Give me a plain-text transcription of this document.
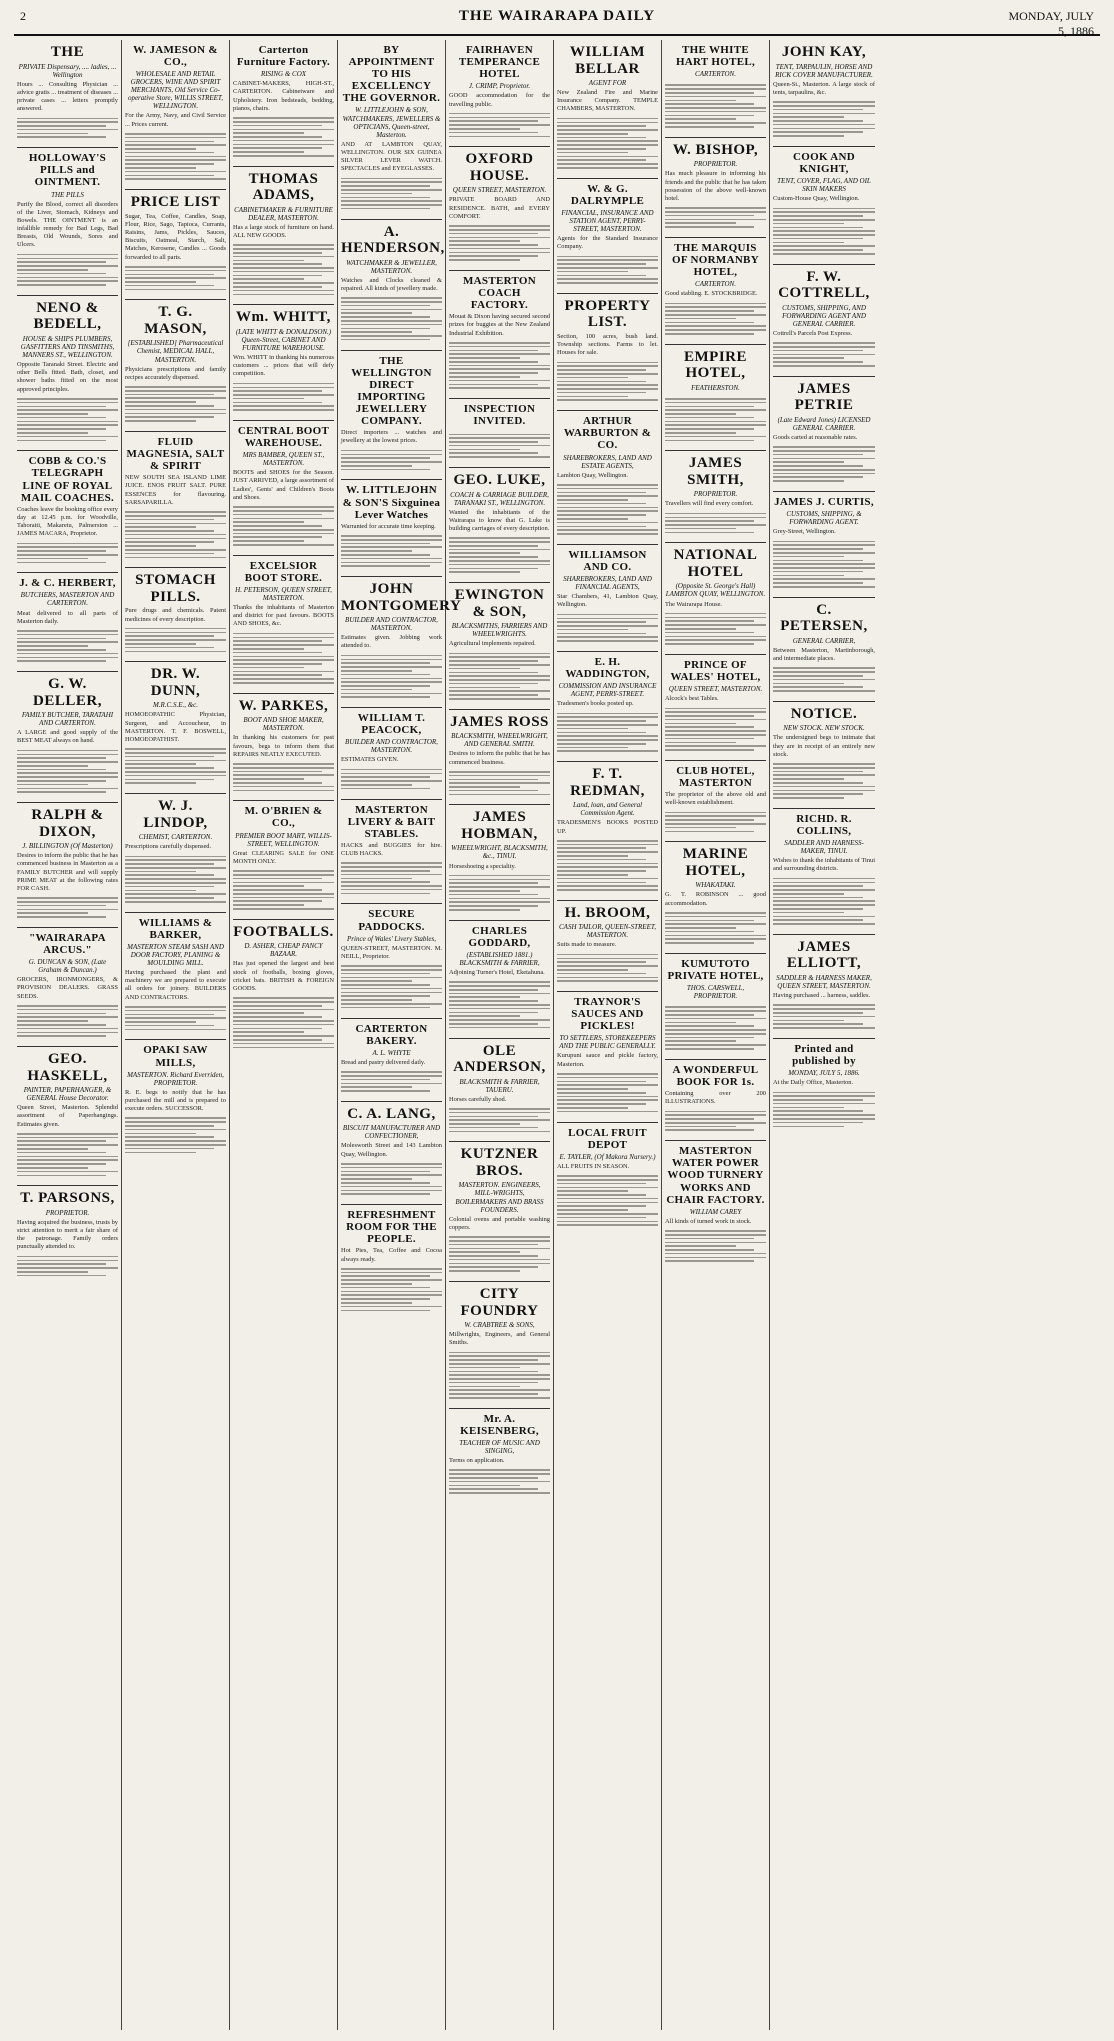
2	THE WAIRARAPA DAILY	MONDAY, JULY 5, 1886
THE
PRIVATE Dispensary, .... ladies, ... Wellington
Hours ... Consulting Physician ... advice gratis ... treatment of diseases ... private cases ... letters promptly answered.
HOLLOWAY'S PILLS and OINTMENT.
THE PILLS
Purify the Blood, correct all disorders of the Liver, Stomach, Kidneys and Bowels. THE OINTMENT is an infallible remedy for Bad Legs, Bad Breasts, Old Wounds, Sores and Ulcers.
NENO & BEDELL,
HOUSE & SHIPS PLUMBERS, GASFITTERS AND TINSMITHS, MANNERS ST., WELLINGTON.
Opposite Taranaki Street. Electric and other Bells fitted. Bath, closet, and shower baths fitted on the most approved principles.
COBB & CO.'S TELEGRAPH LINE OF ROYAL MAIL COACHES.
Coaches leave the booking office every day at 12.45 p.m. for Woodville, Tahoraiti, Makaretu, Palmerston ... JAMES MACARA, Proprietor.
J. & C. HERBERT,
BUTCHERS, MASTERTON AND CARTERTON.
Meat delivered to all parts of Masterton daily.
G. W. DELLER,
FAMILY BUTCHER, TARATAHI AND CARTERTON.
A LARGE and good supply of the BEST MEAT always on hand.
RALPH & DIXON,
J. BILLINGTON (Of Masterton)
Desires to inform the public that he has commenced business in Masterton as a FAMILY BUTCHER and will supply PRIME MEAT at the following rates FOR CASH.
"WAIRARAPA ARCUS."
G. DUNCAN & SON, (Late Graham & Duncan.)
GROCERS, IRONMONGERS, & PROVISION DEALERS. GRASS SEEDS.
GEO. HASKELL,
PAINTER, PAPERHANGER, & GENERAL House Decorator.
Queen Street, Masterton. Splendid assortment of Paperhangings. Estimates given.
T. PARSONS,
PROPRIETOR.
Having acquired the business, trusts by strict attention to merit a fair share of the patronage. Family orders punctually attended to.
W. JAMESON & CO.,
WHOLESALE AND RETAIL GROCERS, WINE AND SPIRIT MERCHANTS, Old Service Co-operative Store, WILLIS STREET, WELLINGTON.
For the Army, Navy, and Civil Service ... Prices current.
PRICE LIST
Sugar, Tea, Coffee, Candles, Soap, Flour, Rice, Sago, Tapioca, Currants, Raisins, Jams, Pickles, Sauces, Biscuits, Oatmeal, Starch, Salt, Matches, Kerosene, Candles ... Goods forwarded to all parts.
T. G. MASON,
[ESTABLISHED] Pharmaceutical Chemist, MEDICAL HALL, MASTERTON.
Physicians prescriptions and family recipes accurately dispensed.
FLUID MAGNESIA, SALT & SPIRIT
NEW SOUTH SEA ISLAND LIME JUICE. ENOS FRUIT SALT. PURE ESSENCES for flavouring. SARSAPARILLA.
STOMACH PILLS.
Pure drugs and chemicals. Patent medicines of every description.
DR. W. DUNN,
M.R.C.S.E., &c.
HOMOEOPATHIC Physician, Surgeon, and Accoucheur, in MASTERTON. T. F. BOSWELL, HOMOEOPATHIST.
W. J. LINDOP,
CHEMIST, CARTERTON.
Prescriptions carefully dispensed.
WILLIAMS & BARKER,
MASTERTON STEAM SASH AND DOOR FACTORY, PLANING & MOULDING MILL.
Having purchased the plant and machinery we are prepared to execute all orders for joinery. BUILDERS AND CONTRACTORS.
OPAKI SAW MILLS,
MASTERTON. Richard Everriden, PROPRIETOR.
R. E. begs to notify that he has purchased the mill and is prepared to execute orders. SUCCESSOR.
Carterton Furniture Factory.
RISING & COX
CABINET-MAKERS, HIGH-ST., CARTERTON. Cabinetware and Upholstery. Iron bedsteads, bedding, pianos, chairs.
THOMAS ADAMS,
CABINETMAKER & FURNITURE DEALER, MASTERTON.
Has a large stock of furniture on hand. ALL NEW GOODS.
Wm. WHITT,
(LATE WHITT & DONALDSON.) Queen-Street, CABINET AND FURNITURE WAREHOUSE.
Wm. WHITT in thanking his numerous customers ... prices that will defy competition.
CENTRAL BOOT WAREHOUSE.
MRS BAMBER, QUEEN ST., MASTERTON.
BOOTS and SHOES for the Season. JUST ARRIVED, a large assortment of Ladies', Gents' and Children's Boots and Shoes.
EXCELSIOR BOOT STORE.
H. PETERSON, QUEEN STREET, MASTERTON.
Thanks the inhabitants of Masterton and district for past favours. BOOTS AND SHOES, &c.
W. PARKES,
BOOT AND SHOE MAKER, MASTERTON.
In thanking his customers for past favours, begs to inform them that REPAIRS NEATLY EXECUTED.
M. O'BRIEN & CO.,
PREMIER BOOT MART, WILLIS-STREET, WELLINGTON.
Great CLEARING SALE for ONE MONTH ONLY.
FOOTBALLS.
D. ASHER, CHEAP FANCY BAZAAR.
Has just opened the largest and best stock of footballs, boxing gloves, cricket bats. BRITISH & FOREIGN GOODS.
BY APPOINTMENT TO HIS EXCELLENCY THE GOVERNOR.
W. LITTLEJOHN & SON, WATCHMAKERS, JEWELLERS & OPTICIANS, Queen-street, Masterton.
AND AT LAMBTON QUAY, WELLINGTON. OUR SIX GUINEA SILVER LEVER WATCH. SPECTACLES and EYEGLASSES.
A. HENDERSON,
WATCHMAKER & JEWELLER, MASTERTON.
Watches and Clocks cleaned & repaired. All kinds of jewellery made.
THE WELLINGTON DIRECT IMPORTING JEWELLERY COMPANY.
Direct importers ... watches and jewellery at the lowest prices.
W. LITTLEJOHN & SON'S Sixguinea Lever Watches
Warranted for accurate time keeping.
JOHN MONTGOMERY
BUILDER AND CONTRACTOR, MASTERTON.
Estimates given. Jobbing work attended to.
WILLIAM T. PEACOCK,
BUILDER AND CONTRACTOR, MASTERTON.
ESTIMATES GIVEN.
MASTERTON LIVERY & BAIT STABLES.
HACKS and BUGGIES for hire. CLUB HACKS.
SECURE PADDOCKS.
Prince of Wales' Livery Stables,
QUEEN-STREET, MASTERTON. M. NEILL, Proprietor.
CARTERTON BAKERY.
A. L. WHYTE
Bread and pastry delivered daily.
C. A. LANG,
BISCUIT MANUFACTURER AND CONFECTIONER,
Molesworth Street and 143 Lambton Quay, Wellington.
REFRESHMENT ROOM FOR THE PEOPLE.
Hot Pies, Tea, Coffee and Cocoa always ready.
FAIRHAVEN TEMPERANCE HOTEL
J. CRIMP, Proprietor.
GOOD accommodation for the travelling public.
OXFORD HOUSE.
QUEEN STREET, MASTERTON.
PRIVATE BOARD AND RESIDENCE. BATH, and EVERY COMFORT.
MASTERTON COACH FACTORY.
Mouat & Dixon having secured second prizes for buggies at the New Zealand Industrial Exhibition.
INSPECTION INVITED.
GEO. LUKE,
COACH & CARRIAGE BUILDER, TARANAKI ST., WELLINGTON.
Wanted the inhabitants of the Wairarapa to know that G. Luke is building carriages of every description.
EWINGTON & SON,
BLACKSMITHS, FARRIERS AND WHEELWRIGHTS.
Agricultural implements repaired.
JAMES ROSS
BLACKSMITH, WHEELWRIGHT, AND GENERAL SMITH.
Desires to inform the public that he has commenced business.
JAMES HOBMAN,
WHEELWRIGHT, BLACKSMITH, &c., TINUI.
Horseshoeing a speciality.
CHARLES GODDARD,
(ESTABLISHED 1881.) BLACKSMITH & FARRIER,
Adjoining Turner's Hotel, Eketahuna.
OLE ANDERSON,
BLACKSMITH & FARRIER, TAUERU.
Horses carefully shod.
KUTZNER BROS.
MASTERTON. ENGINEERS, MILL-WRIGHTS, BOILERMAKERS AND BRASS FOUNDERS.
Colonial ovens and portable washing coppers.
CITY FOUNDRY
W. CRABTREE & SONS,
Millwrights, Engineers, and General Smiths.
Mr. A. KEISENBERG,
TEACHER OF MUSIC AND SINGING,
Terms on application.
WILLIAM BELLAR
AGENT FOR
New Zealand Fire and Marine Insurance Company. TEMPLE CHAMBERS, MASTERTON.
W. & G. DALRYMPLE
FINANCIAL, INSURANCE AND STATION AGENT, PERRY-STREET, MASTERTON.
Agents for the Standard Insurance Company.
PROPERTY LIST.
Section, 100 acres, bush land. Township sections. Farms to let. Houses for sale.
ARTHUR WARBURTON & CO.
SHAREBROKERS, LAND AND ESTATE AGENTS,
Lambton Quay, Wellington.
WILLIAMSON AND CO.
SHAREBROKERS, LAND AND FINANCIAL AGENTS,
Star Chambers, 41, Lambton Quay, Wellington.
E. H. WADDINGTON,
COMMISSION AND INSURANCE AGENT, PERRY-STREET.
Tradesmen's books posted up.
F. T. REDMAN,
Land, loan, and General Commission Agent.
TRADESMEN'S BOOKS POSTED UP.
H. BROOM,
CASH TAILOR, QUEEN-STREET, MASTERTON.
Suits made to measure.
TRAYNOR'S SAUCES AND PICKLES!
TO SETTLERS, STOREKEEPERS AND THE PUBLIC GENERALLY.
Kurupuni sauce and pickle factory, Masterton.
LOCAL FRUIT DEPOT
E. TAYLER, (Of Makora Nursery.)
ALL FRUITS IN SEASON.
THE WHITE HART HOTEL,
CARTERTON.
W. BISHOP,
PROPRIETOR.
Has much pleasure in informing his friends and the public that he has taken possession of the above well-known hotel.
THE MARQUIS OF NORMANBY HOTEL,
CARTERTON.
Good stabling. E. STOCKBRIDGE.
EMPIRE HOTEL,
FEATHERSTON.
JAMES SMITH,
PROPRIETOR.
Travellers will find every comfort.
NATIONAL HOTEL
(Opposite St. George's Hall) LAMBTON QUAY, WELLINGTON.
The Wairarapa House.
PRINCE OF WALES' HOTEL,
QUEEN STREET, MASTERTON.
Alcock's best Tables.
CLUB HOTEL, MASTERTON
The proprietor of the above old and well-known establishment.
MARINE HOTEL,
WHAKATAKI.
G. T. ROBINSON ... good accommodation.
KUMUTOTO PRIVATE HOTEL,
THOS. CARSWELL, PROPRIETOR.
A WONDERFUL BOOK FOR 1s.
Containing over 200 ILLUSTRATIONS.
MASTERTON WATER POWER WOOD TURNERY WORKS AND CHAIR FACTORY.
WILLIAM CAREY
All kinds of turned work in stock.
JOHN KAY,
TENT, TARPAULIN, HORSE AND RICK COVER MANUFACTURER.
Queen-St., Masterton. A large stock of tents, tarpaulins, &c.
COOK AND KNIGHT,
TENT, COVER, FLAG, AND OIL SKIN MAKERS
Custom-House Quay, Wellington.
F. W. COTTRELL,
CUSTOMS, SHIPPING, AND FORWARDING AGENT AND GENERAL CARRIER.
Cottrell's Parcels Post Express.
JAMES PETRIE
(Late Edward Jones) LICENSED GENERAL CARRIER.
Goods carted at reasonable rates.
JAMES J. CURTIS,
CUSTOMS, SHIPPING, & FORWARDING AGENT.
Grey-Street, Wellington.
C. PETERSEN,
GENERAL CARRIER,
Between Masterton, Martinborough, and intermediate places.
NOTICE.
NEW STOCK. NEW STOCK.
The undersigned begs to intimate that they are in receipt of an entirely new stock.
RICHD. R. COLLINS,
SADDLER AND HARNESS-MAKER, TINUI.
Wishes to thank the inhabitants of Tinui and surrounding districts.
JAMES ELLIOTT,
SADDLER & HARNESS MAKER, QUEEN STREET, MASTERTON.
Having purchased ... harness, saddles.
Printed and published by
MONDAY, JULY 5, 1886.
At the Daily Office, Masterton.
